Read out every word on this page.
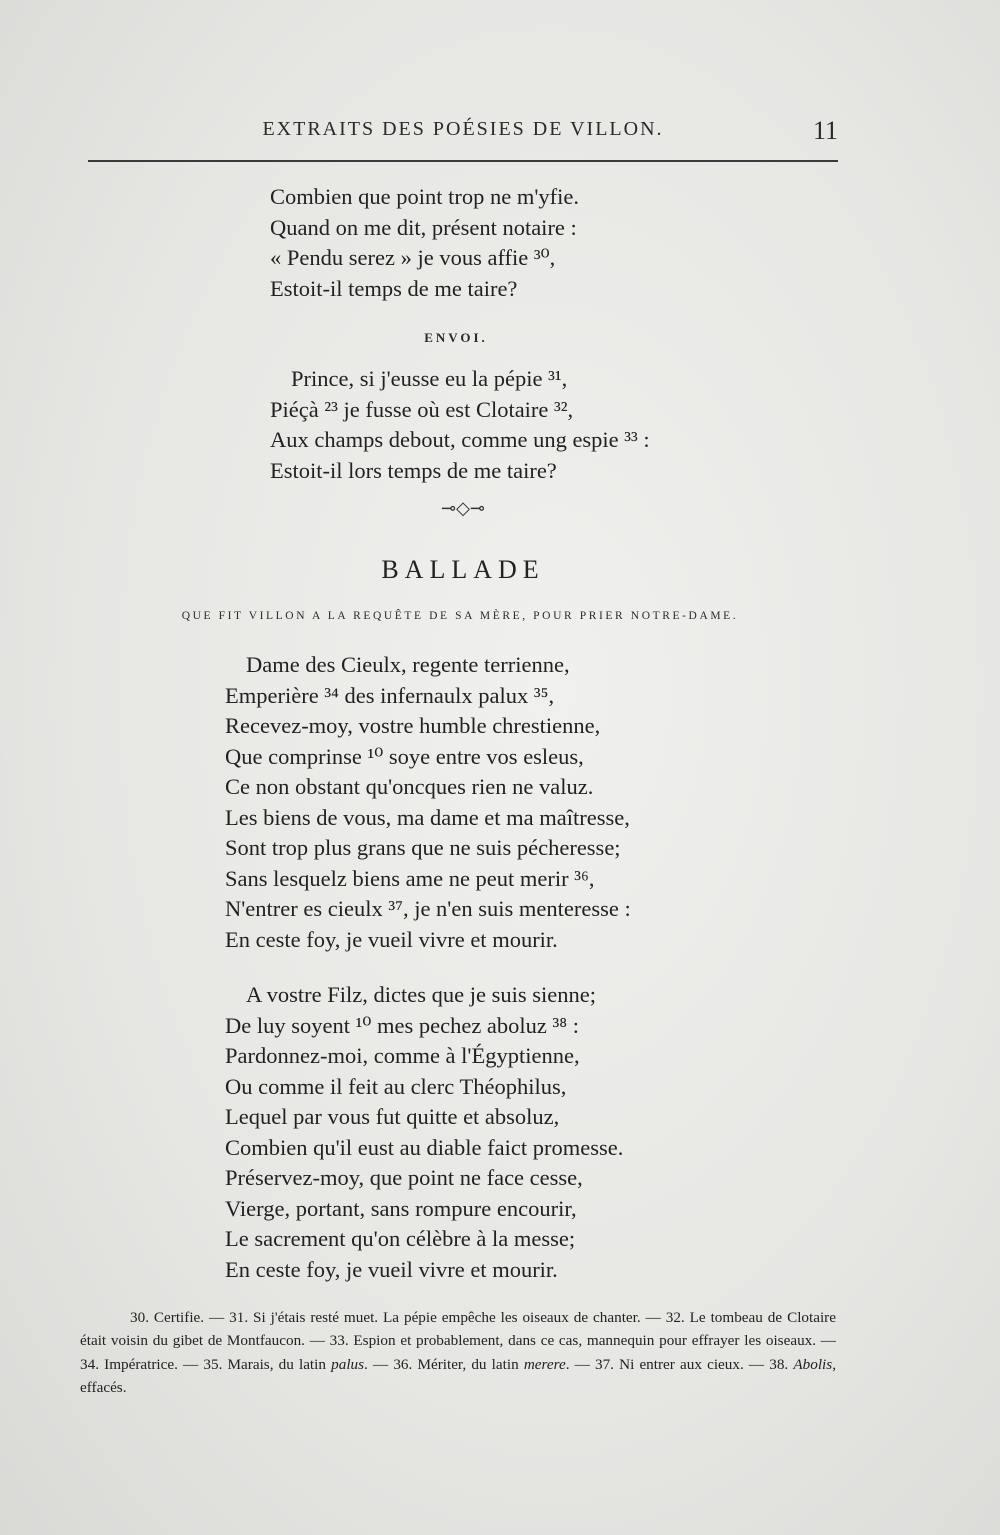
EXTRAITS DES POÉSIES DE VILLON.	11
Combien que point trop ne m'yfie.
Quand on me dit, présent notaire :
« Pendu serez » je vous affie ³⁰,
Estoit-il temps de me taire?
ENVOI.
Prince, si j'eusse eu la pépie ³¹,
Piéçà ²³ je fusse où est Clotaire ³²,
Aux champs debout, comme ung espie ³³ :
Estoit-il lors temps de me taire?
⊸◇⊸
BALLADE
QUE FIT VILLON A LA REQUÊTE DE SA MÈRE, POUR PRIER NOTRE-DAME.
Dame des Cieulx, regente terrienne,
Emperière ³⁴ des infernaulx palux ³⁵,
Recevez-moy, vostre humble chrestienne,
Que comprinse ¹⁰ soye entre vos esleus,
Ce non obstant qu'oncques rien ne valuz.
Les biens de vous, ma dame et ma maîtresse,
Sont trop plus grans que ne suis pécheresse;
Sans lesquelz biens ame ne peut merir ³⁶,
N'entrer es cieulx ³⁷, je n'en suis menteresse :
En ceste foy, je vueil vivre et mourir.
A vostre Filz, dictes que je suis sienne;
De luy soyent ¹⁰ mes pechez aboluz ³⁸ :
Pardonnez-moi, comme à l'Égyptienne,
Ou comme il feit au clerc Théophilus,
Lequel par vous fut quitte et absoluz,
Combien qu'il eust au diable faict promesse.
Préservez-moy, que point ne face cesse,
Vierge, portant, sans rompure encourir,
Le sacrement qu'on célèbre à la messe;
En ceste foy, je vueil vivre et mourir.

30. Certifie. — 31. Si j'étais resté muet. La pépie empêche les oiseaux de chanter. — 32. Le tombeau de Clotaire était voisin du gibet de Montfaucon. — 33. Espion et probablement, dans ce cas, mannequin pour effrayer les oiseaux. — 34. Impératrice. — 35. Marais, du latin palus. — 36. Mériter, du latin merere. — 37. Ni entrer aux cieux. — 38. Abolis, effacés.
